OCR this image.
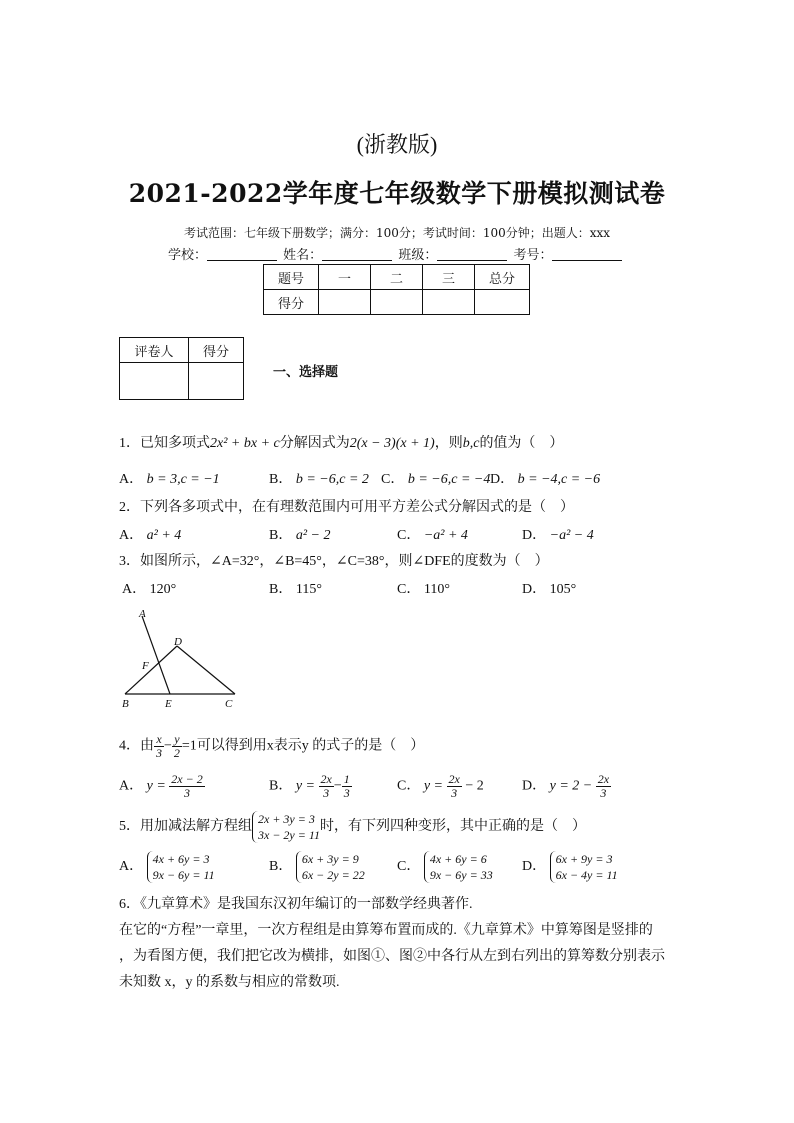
(浙教版)
2021-2022学年度七年级数学下册模拟测试卷
考试范围：七年级下册数学；满分：100分；考试时间：100分钟；出题人：xxx
学校：	姓名：	班级：	考号：
题号	一	二	三	总分
得分				
评卷人	得分

一、选择题
1．已知多项式2x² + bx + c分解因式为2(x − 3)(x + 1)，则b,c的值为（　）
A． b = 3,c = −1	B． b = −6,c = 2 C． b = −6,c = −4 D． b = −4,c = −6
2．下列各多项式中，在有理数范围内可用平方差公式分解因式的是（　）
A． a² + 4	B． a² − 2	C． −a² + 4	D． −a² − 4
3．如图所示，∠A=32°，∠B=45°，∠C=38°，则∠DFE的度数为（　）
A． 120°	B． 115°	C． 110°	D． 105°
A
D
F
B	E	C
4．由 $\frac{x}{3} - \frac{y}{2} =1$可以得到用x表示y 的式子的是（　）
A． $y = \frac{2x - 2}{3}$	B． $y = \frac{2x}{3} - \frac{1}{3}$	C． $y = \frac{2x}{3} - 2$	D． $y = 2 - \frac{2x}{3}$
5．用加减法解方程组
2x + 3y = 3
3x − 2y = 11
时，有下列四种变形，其中正确的是（　）
A．
4x + 6y = 3
9x − 6y = 11
B．
6x + 3y = 9
6x − 2y = 22
C．
4x + 6y = 6
9x − 6y = 33
D．
6x + 9y = 3
6x − 4y = 11
6．《九章算术》是我国东汉初年编订的一部数学经典著作.
在它的“方程”一章里，一次方程组是由算筹布置而成的.《九章算术》中算筹图是竖排的
，为看图方便，我们把它改为横排，如图①、图②中各行从左到右列出的算筹数分别表示
未知数 x，y 的系数与相应的常数项.
